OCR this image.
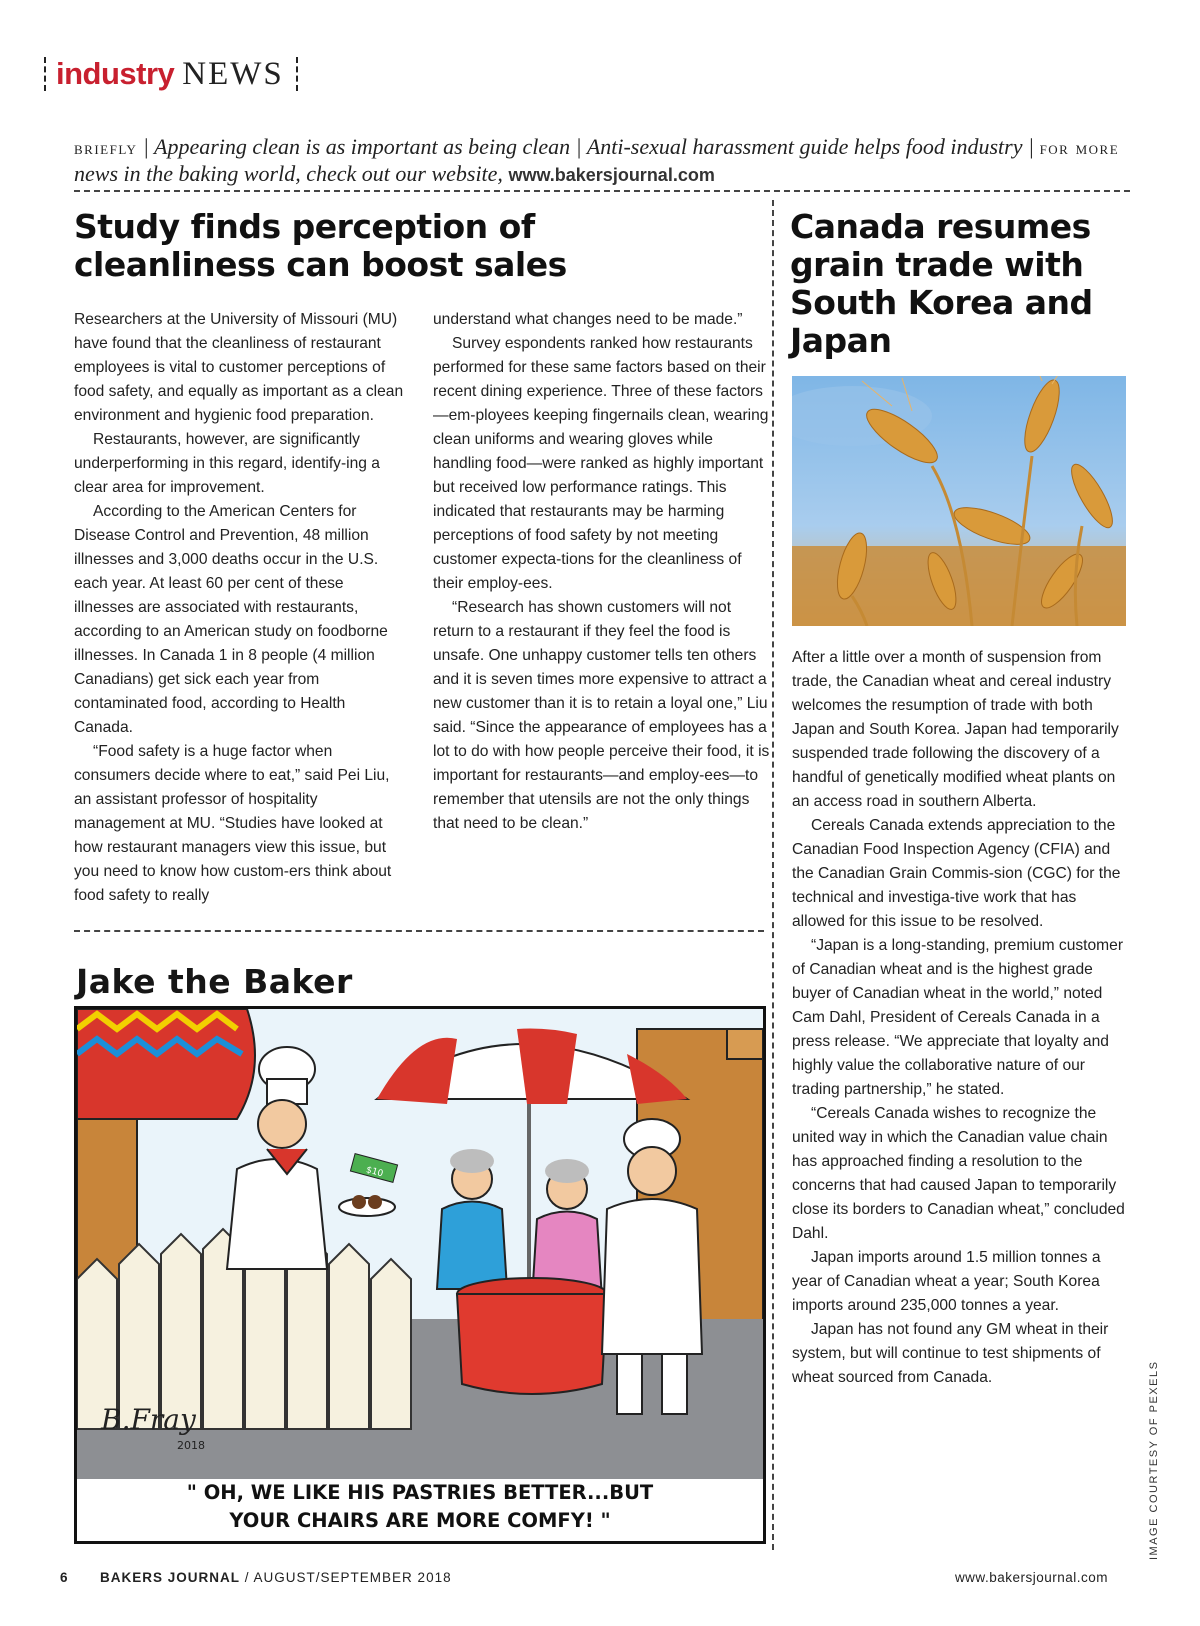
industry NEWS
briefly | Appearing clean is as important as being clean | Anti-sexual harassment guide helps food industry | for more news in the baking world, check out our website, www.bakersjournal.com
Study finds perception of cleanliness can boost sales

Researchers at the University of Missouri (MU) have found that the cleanliness of restaurant employees is vital to customer perceptions of food safety, and equally as important as a clean environment and hygienic food preparation.

Restaurants, however, are significantly underperforming in this regard, identify-ing a clear area for improvement.

According to the American Centers for Disease Control and Prevention, 48 million illnesses and 3,000 deaths occur in the U.S. each year. At least 60 per cent of these illnesses are associated with restaurants, according to an American study on foodborne illnesses. In Canada 1 in 8 people (4 million Canadians) get sick each year from contaminated food, according to Health Canada.

“Food safety is a huge factor when consumers decide where to eat,” said Pei Liu, an assistant professor of hospitality management at MU. “Studies have looked at how restaurant managers view this issue, but you need to know how custom-ers think about food safety to really

understand what changes need to be made.”

Survey espondents ranked how restaurants performed for these same factors based on their recent dining experience. Three of these factors—em-ployees keeping fingernails clean, wearing clean uniforms and wearing gloves while handling food—were ranked as highly important but received low performance ratings. This indicated that restaurants may be harming perceptions of food safety by not meeting customer expecta-tions for the cleanliness of their employ-ees.

“Research has shown customers will not return to a restaurant if they feel the food is unsafe. One unhappy customer tells ten others and it is seven times more expensive to attract a new customer than it is to retain a loyal one,” Liu said. “Since the appearance of employees has a lot to do with how people perceive their food, it is important for restaurants—and employ-ees—to remember that utensils are not the only things that need to be clean.”

Canada resumes grain trade with South Korea and Japan

After a little over a month of suspension from trade, the Canadian wheat and cereal industry welcomes the resumption of trade with both Japan and South Korea. Japan had temporarily suspended trade following the discovery of a handful of genetically modified wheat plants on an access road in southern Alberta.

Cereals Canada extends appreciation to the Canadian Food Inspection Agency (CFIA) and the Canadian Grain Commis-sion (CGC) for the technical and investiga-tive work that has allowed for this issue to be resolved.

“Japan is a long-standing, premium customer of Canadian wheat and is the highest grade buyer of Canadian wheat in the world,” noted Cam Dahl, President of Cereals Canada in a press release. “We appreciate that loyalty and highly value the collaborative nature of our trading partnership,” he stated.

“Cereals Canada wishes to recognize the united way in which the Canadian value chain has approached finding a resolution to the concerns that had caused Japan to temporarily close its borders to Canadian wheat,” concluded Dahl.

Japan imports around 1.5 million tonnes a year of Canadian wheat a year; South Korea imports around 235,000 tonnes a year.

Japan has not found any GM wheat in their system, but will continue to test shipments of wheat sourced from Canada.	IMAGE COURTESY OF PEXELS
Jake the Baker
$10
B.Fray
2018
" OH, WE LIKE HIS PASTRIES BETTER...BUT
YOUR CHAIRS ARE MORE COMFY! "
6 BAKERS JOURNAL / AUGUST/SEPTEMBER 2018	www.bakersjournal.com
